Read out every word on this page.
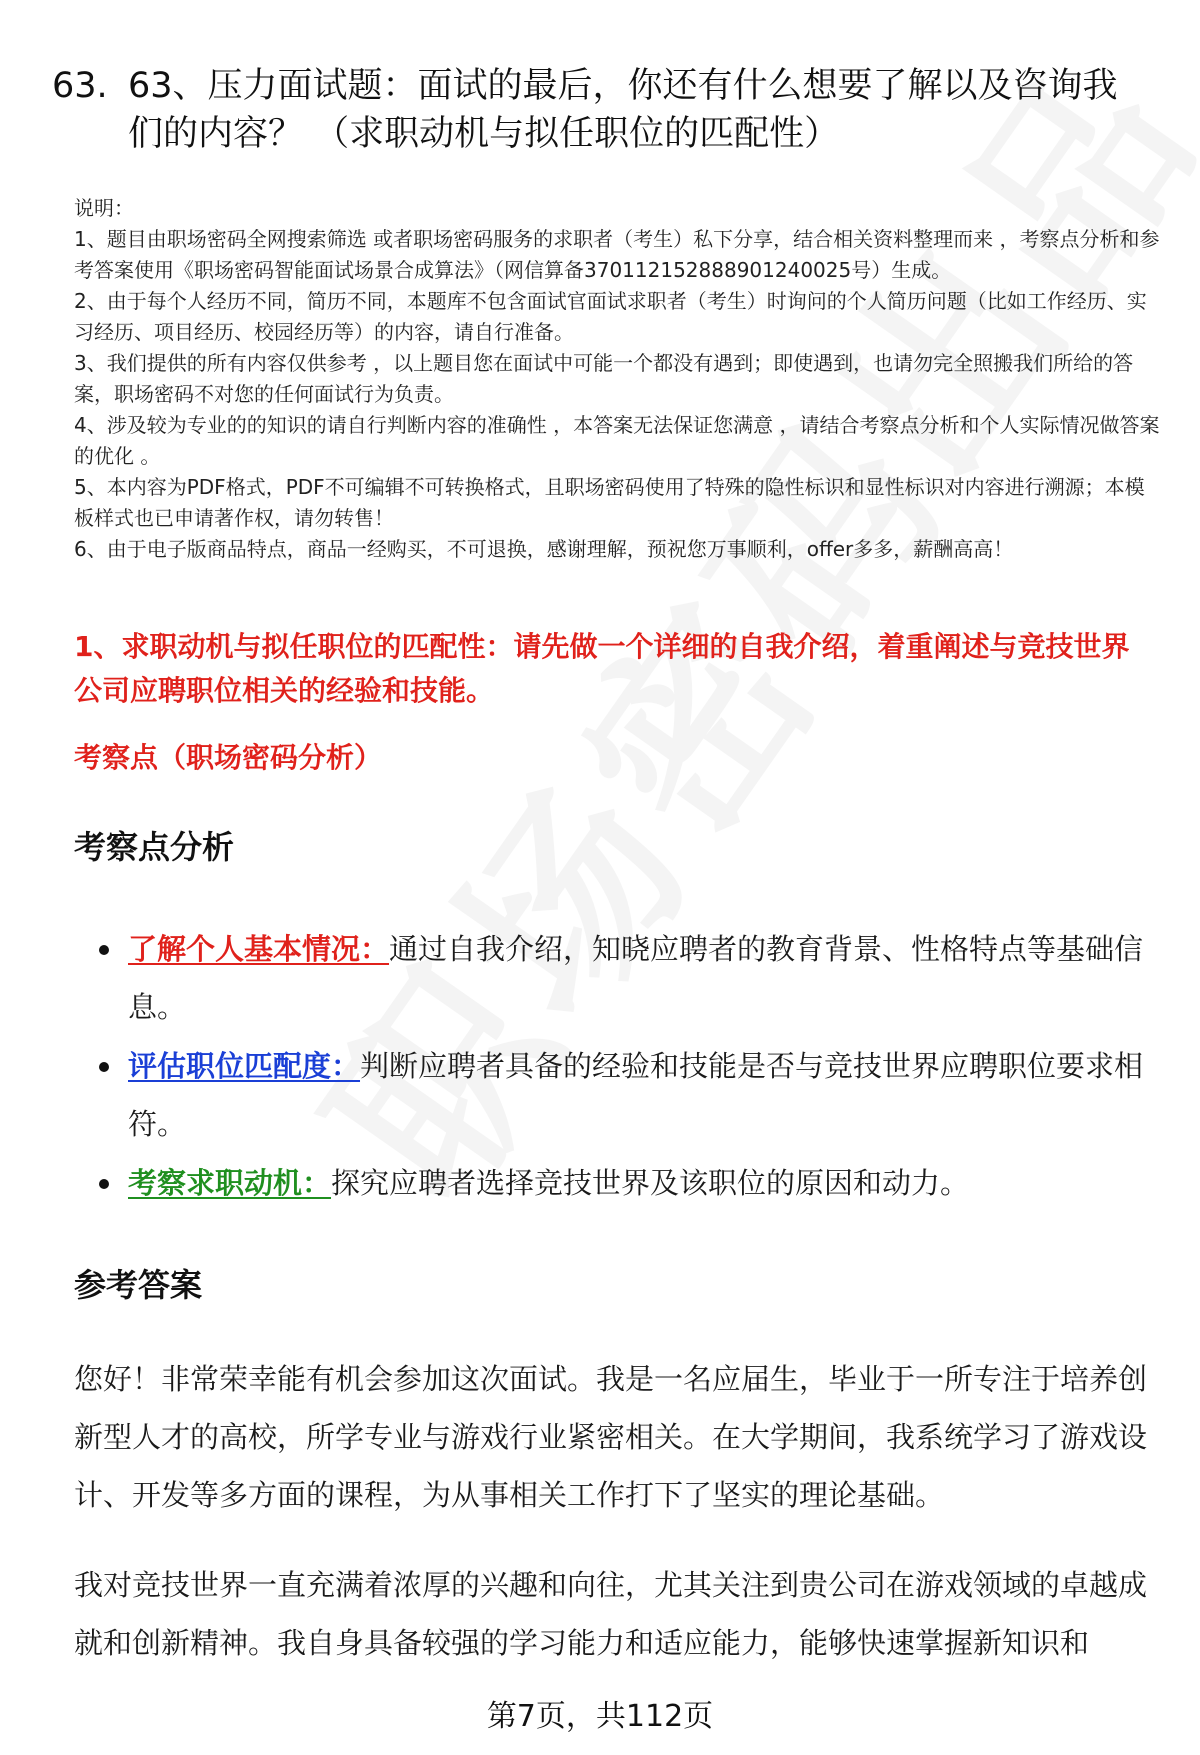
63. 63、压力面试题：面试的最后，你还有什么想要了解以及咨询我们的内容？ （求职动机与拟任职位的匹配性）

说明：

1、题目由职场密码全网搜索筛选 或者职场密码服务的求职者（考生）私下分享，结合相关资料整理而来 ，考察点分析和参考答案使用《职场密码智能面试场景合成算法》（网信算备370112152888901240025号）生成。

2、由于每个人经历不同，简历不同，本题库不包含面试官面试求职者（考生）时询问的个人简历问题（比如工作经历、实习经历、项目经历、校园经历等）的内容，请自行准备。

3、我们提供的所有内容仅供参考 ，以上题目您在面试中可能一个都没有遇到；即使遇到，也请勿完全照搬我们所给的答案，职场密码不对您的任何面试行为负责。

4、涉及较为专业的的知识的请自行判断内容的准确性 ，本答案无法保证您满意 ，请结合考察点分析和个人实际情况做答案的优化 。

5、本内容为PDF格式，PDF不可编辑不可转换格式，且职场密码使用了特殊的隐性标识和显性标识对内容进行溯源；本模板样式也已申请著作权，请勿转售！

6、由于电子版商品特点，商品一经购买，不可退换，感谢理解，预祝您万事顺利，offer多多，薪酬高高！

1、求职动机与拟任职位的匹配性：请先做一个详细的自我介绍，着重阐述与竞技世界公司应聘职位相关的经验和技能。
考察点（职场密码分析）
考察点分析
了解个人基本情况：通过自我介绍，知晓应聘者的教育背景、性格特点等基础信息。
评估职位匹配度：判断应聘者具备的经验和技能是否与竞技世界应聘职位要求相符。
考察求职动机：探究应聘者选择竞技世界及该职位的原因和动力。
参考答案

您好！非常荣幸能有机会参加这次面试。我是一名应届生，毕业于一所专注于培养创新型人才的高校，所学专业与游戏行业紧密相关。在大学期间，我系统学习了游戏设计、开发等多方面的课程，为从事相关工作打下了坚实的理论基础。

我对竞技世界一直充满着浓厚的兴趣和向往，尤其关注到贵公司在游戏领域的卓越成就和创新精神。我自身具备较强的学习能力和适应能力，能够快速掌握新知识和

第7页，共112页
